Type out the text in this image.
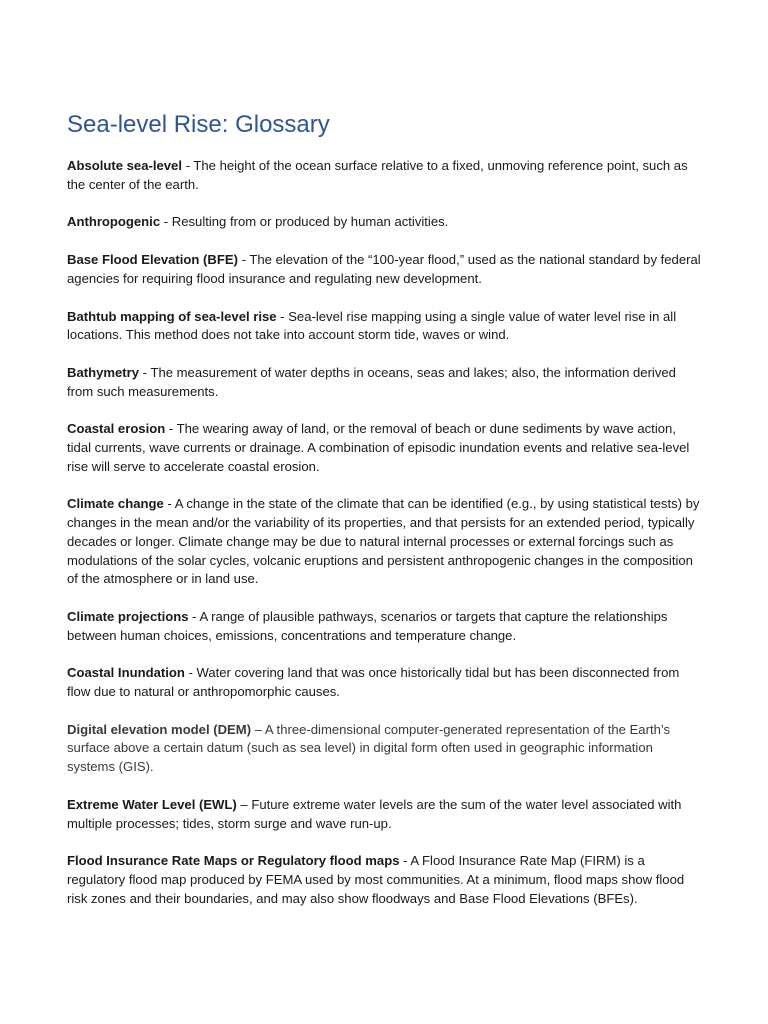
Sea-level Rise: Glossary

Absolute sea-level - The height of the ocean surface relative to a fixed, unmoving reference point, such as the center of the earth.

Anthropogenic - Resulting from or produced by human activities.

Base Flood Elevation (BFE) - The elevation of the “100-year flood,” used as the national standard by federal agencies for requiring flood insurance and regulating new development.

Bathtub mapping of sea-level rise - Sea-level rise mapping using a single value of water level rise in all locations. This method does not take into account storm tide, waves or wind.

Bathymetry - The measurement of water depths in oceans, seas and lakes; also, the information derived from such measurements.

Coastal erosion - The wearing away of land, or the removal of beach or dune sediments by wave action, tidal currents, wave currents or drainage. A combination of episodic inundation events and relative sea-level rise will serve to accelerate coastal erosion.

Climate change - A change in the state of the climate that can be identified (e.g., by using statistical tests) by changes in the mean and/or the variability of its properties, and that persists for an extended period, typically decades or longer. Climate change may be due to natural internal processes or external forcings such as modulations of the solar cycles, volcanic eruptions and persistent anthropogenic changes in the composition of the atmosphere or in land use.

Climate projections - A range of plausible pathways, scenarios or targets that capture the relationships between human choices, emissions, concentrations and temperature change.

Coastal Inundation - Water covering land that was once historically tidal but has been disconnected from flow due to natural or anthropomorphic causes.

Digital elevation model (DEM) – A three-dimensional computer-generated representation of the Earth’s surface above a certain datum (such as sea level) in digital form often used in geographic information systems (GIS).

Extreme Water Level (EWL) – Future extreme water levels are the sum of the water level associated with multiple processes; tides, storm surge and wave run-up.

Flood Insurance Rate Maps or Regulatory flood maps - A Flood Insurance Rate Map (FIRM) is a regulatory flood map produced by FEMA used by most communities. At a minimum, flood maps show flood risk zones and their boundaries, and may also show floodways and Base Flood Elevations (BFEs).
